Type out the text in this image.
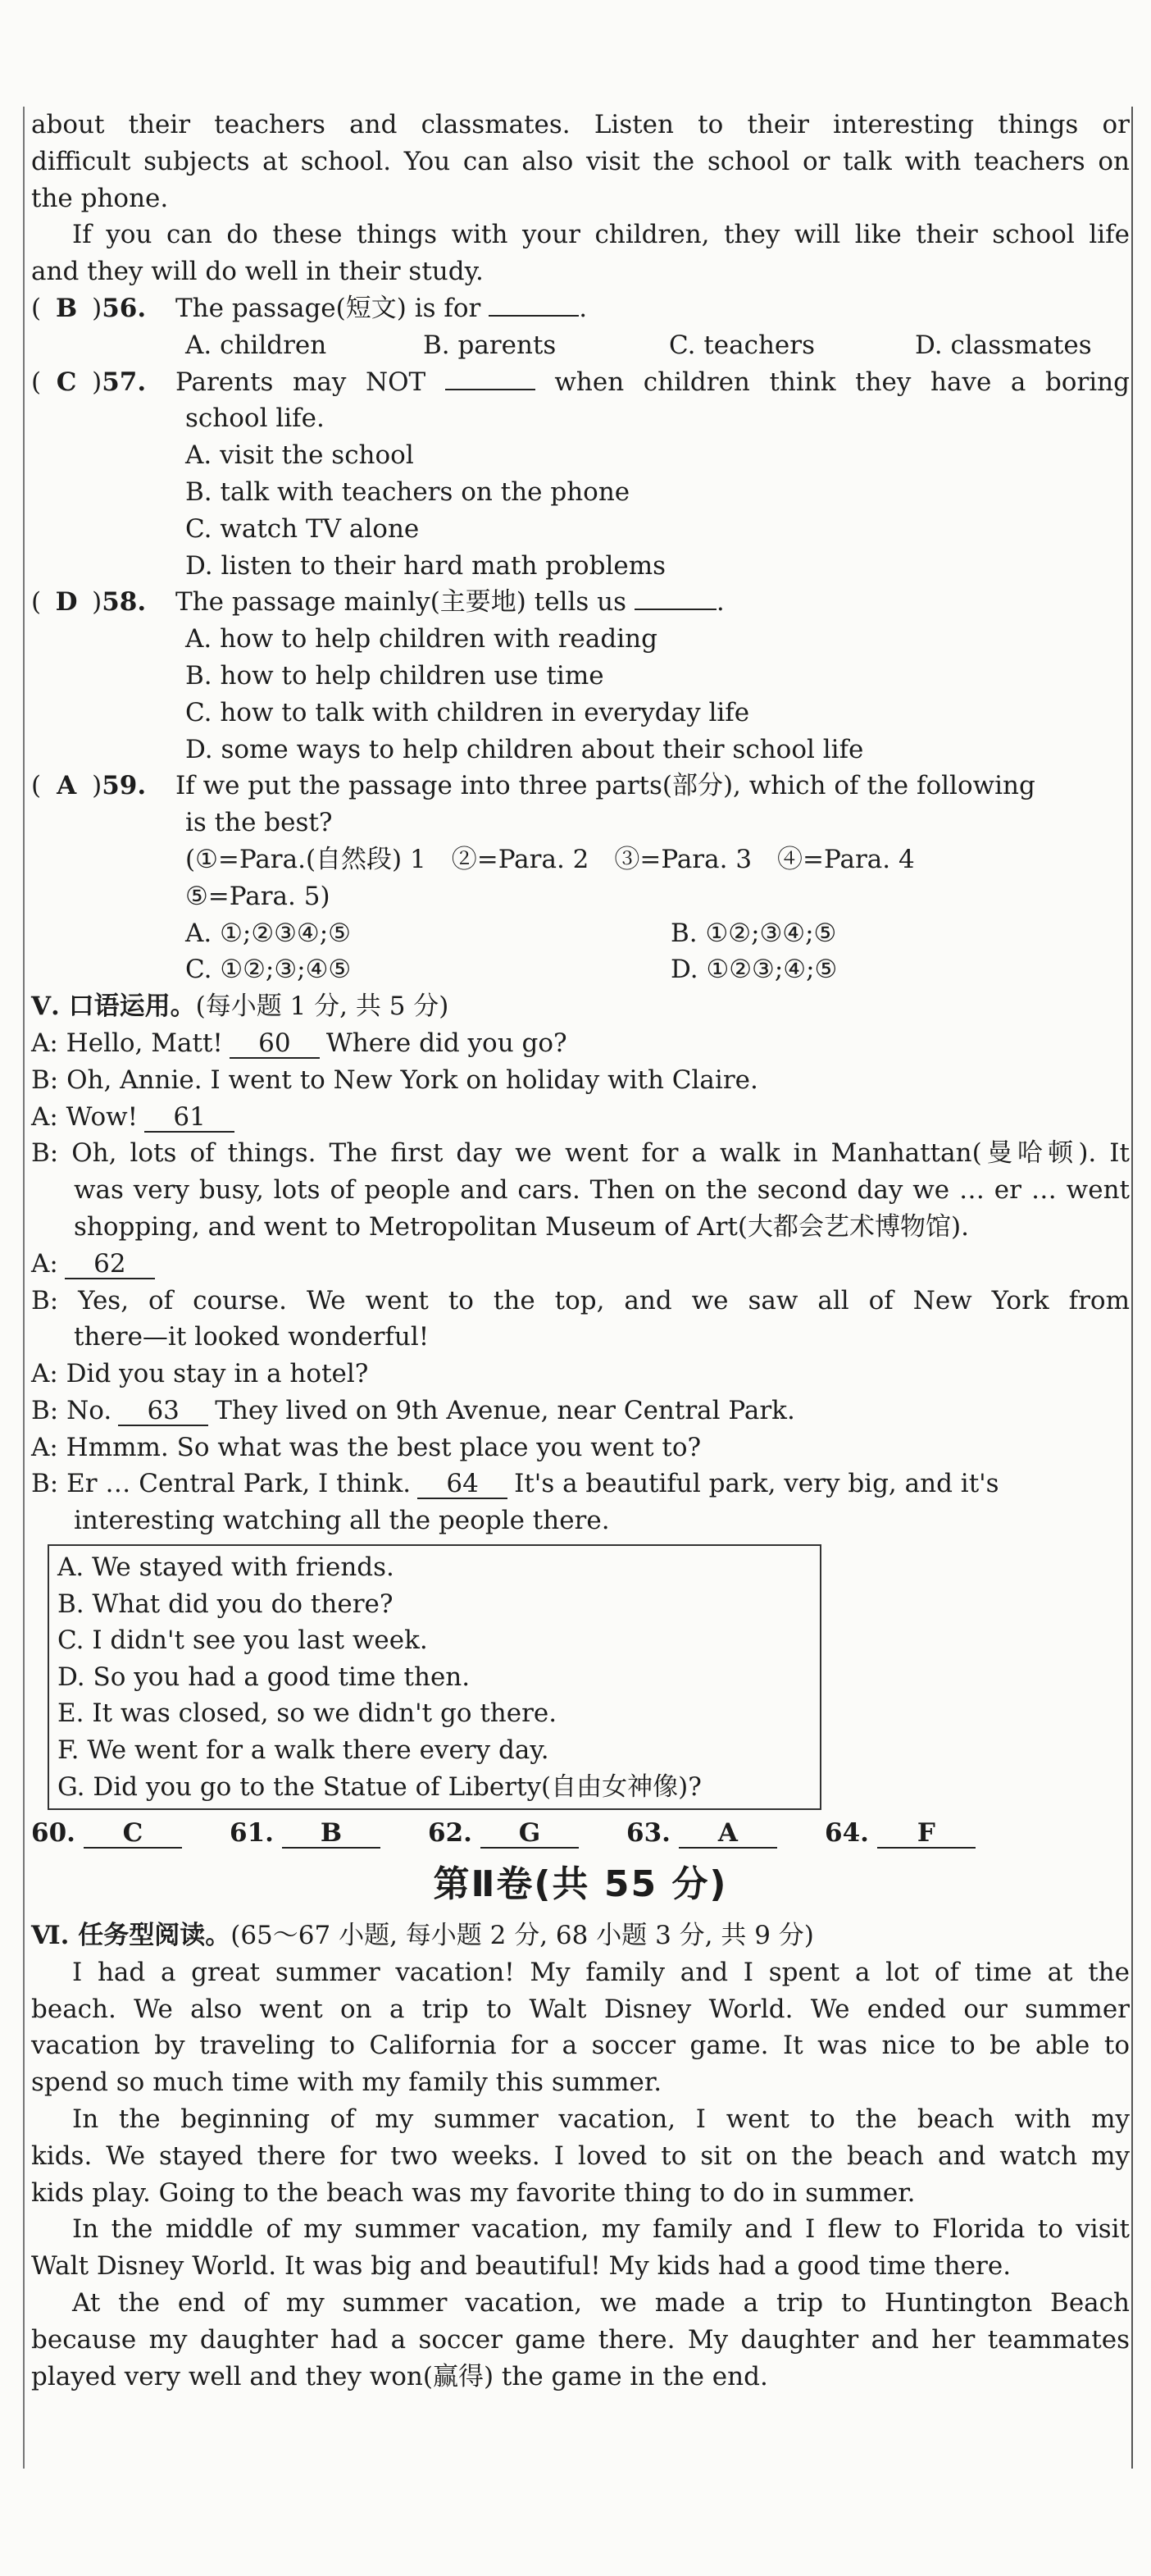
about their teachers and classmates. Listen to their interesting things or
difficult subjects at school. You can also visit the school or talk with teachers on
the phone.
If you can do these things with your children, they will like their school life
and they will do well in their study.
( B )56.	The passage(短文) is for	.
A. children	B. parents	C. teachers	D. classmates
( C )57.	Parents may NOT	when children think they have a boring
school life.
A. visit the school
B. talk with teachers on the phone
C. watch TV alone
D. listen to their hard math problems
( D )58.	The passage mainly(主要地) tells us	.
A. how to help children with reading
B. how to help children use time
C. how to talk with children in everyday life
D. some ways to help children about their school life
( A )59.	If we put the passage into three parts(部分), which of the following
is the best?
(①=Para.(自然段) 1　②=Para. 2　③=Para. 3　④=Para. 4
⑤=Para. 5)
A. ①;②③④;⑤	B. ①②;③④;⑤
C. ①②;③;④⑤	D. ①②③;④;⑤
Ⅴ. 口语运用。(每小题 1 分, 共 5 分)
A: Hello, Matt! 60 Where did you go?
B: Oh, Annie. I went to New York on holiday with Claire.
A: Wow! 61
B: Oh, lots of things. The first day we went for a walk in Manhattan(曼哈顿). It
was very busy, lots of people and cars. Then on the second day we … er … went
shopping, and went to Metropolitan Museum of Art(大都会艺术博物馆).
A: 62
B: Yes, of course. We went to the top, and we saw all of New York from
there—it looked wonderful!
A: Did you stay in a hotel?
B: No. 63 They lived on 9th Avenue, near Central Park.
A: Hmmm. So what was the best place you went to?
B: Er … Central Park, I think. 64 It's a beautiful park, very big, and it's
interesting watching all the people there.
A. We stayed with friends.
B. What did you do there?
C. I didn't see you last week.
D. So you had a good time then.
E. It was closed, so we didn't go there.
F. We went for a walk there every day.
G. Did you go to the Statue of Liberty(自由女神像)?
60. C	61. B	62. G	63. A	64. F
第Ⅱ卷(共 55 分)
Ⅵ. 任务型阅读。(65～67 小题, 每小题 2 分, 68 小题 3 分, 共 9 分)
I had a great summer vacation! My family and I spent a lot of time at the
beach. We also went on a trip to Walt Disney World. We ended our summer
vacation by traveling to California for a soccer game. It was nice to be able to
spend so much time with my family this summer.
In the beginning of my summer vacation, I went to the beach with my
kids. We stayed there for two weeks. I loved to sit on the beach and watch my
kids play. Going to the beach was my favorite thing to do in summer.
In the middle of my summer vacation, my family and I flew to Florida to visit
Walt Disney World. It was big and beautiful! My kids had a good time there.
At the end of my summer vacation, we made a trip to Huntington Beach
because my daughter had a soccer game there. My daughter and her teammates
played very well and they won(赢得) the game in the end.
